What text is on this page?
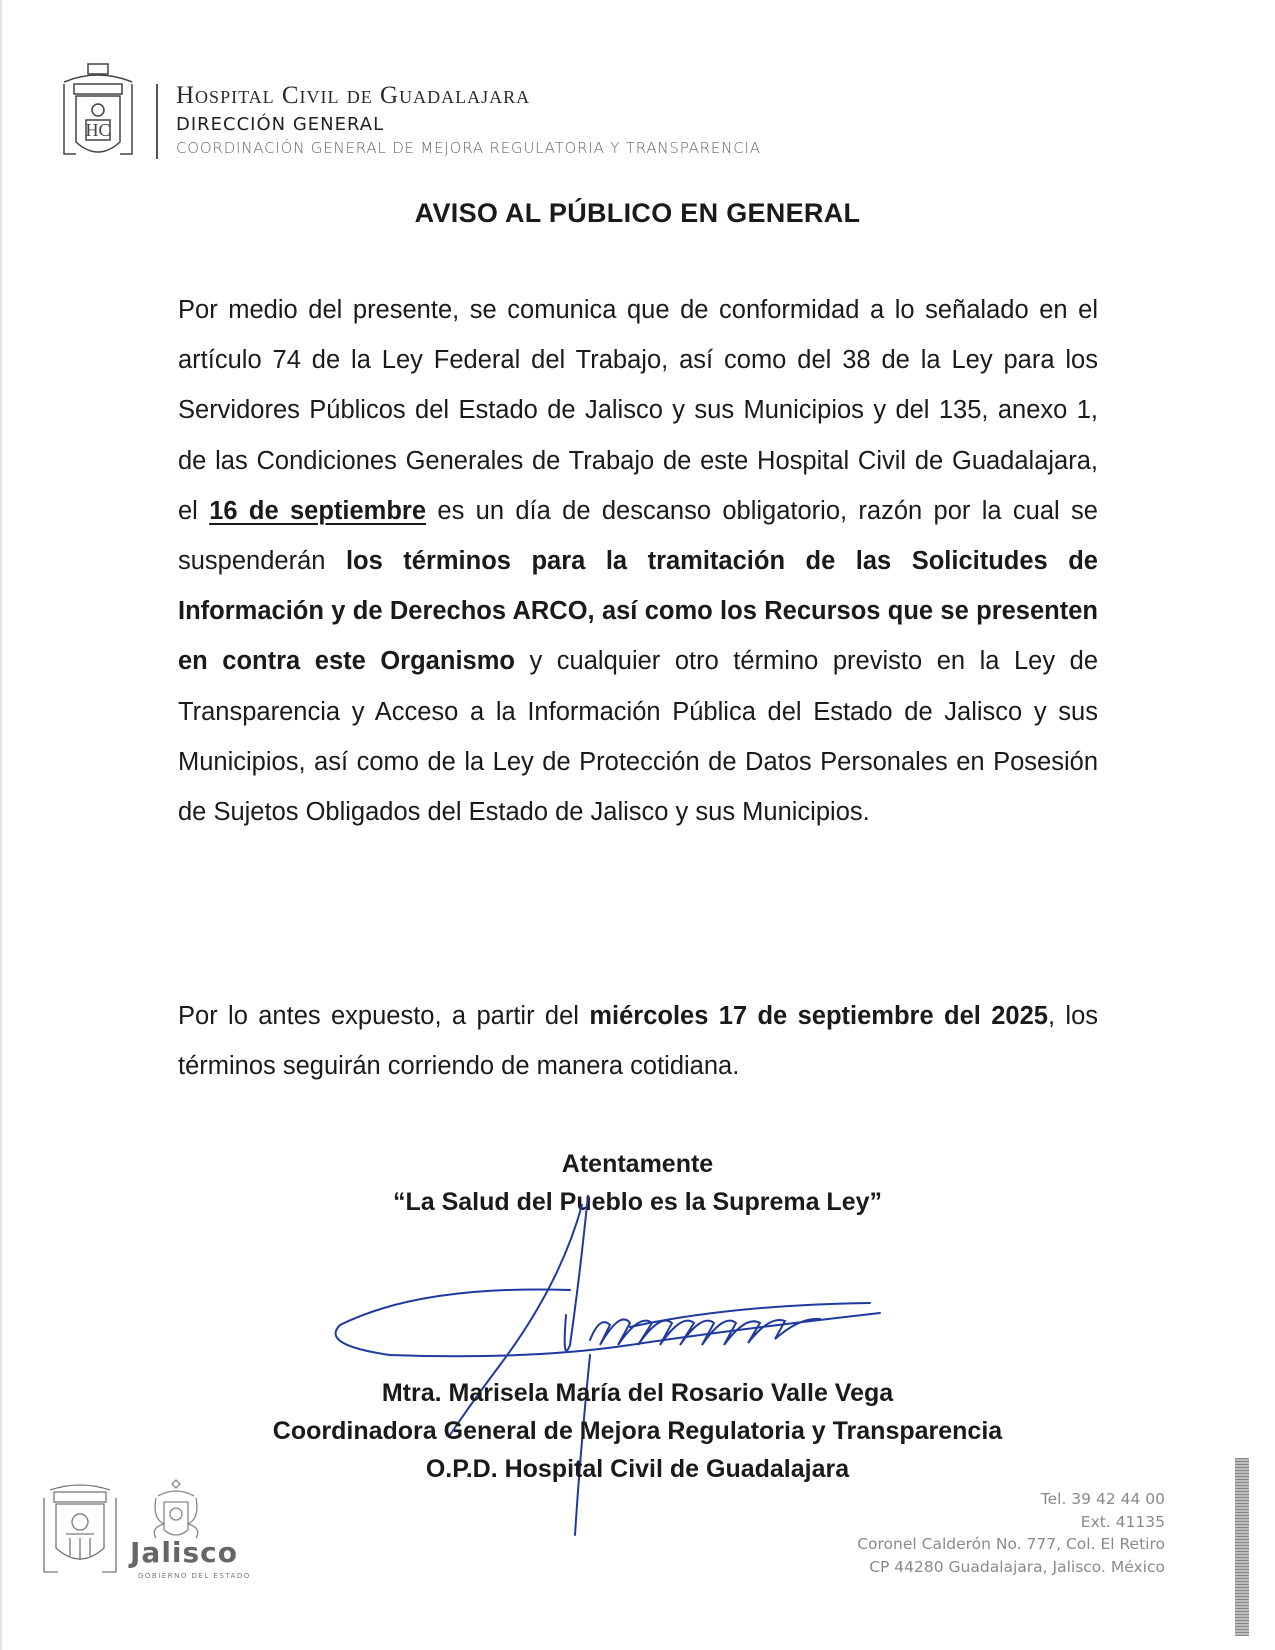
HC
Hospital Civil de Guadalajara
DIRECCIÓN GENERAL
COORDINACIÓN GENERAL DE MEJORA REGULATORIA Y TRANSPARENCIA
AVISO AL PÚBLICO EN GENERAL
Por medio del presente, se comunica que de conformidad a lo señalado en el artículo 74 de la Ley Federal del Trabajo, así como del 38 de la Ley para los Servidores Públicos del Estado de Jalisco y sus Municipios y del 135, anexo 1, de las Condiciones Generales de Trabajo de este Hospital Civil de Guadalajara, el 16 de septiembre es un día de descanso obligatorio, razón por la cual se suspenderán los términos para la tramitación de las Solicitudes de Información y de Derechos ARCO, así como los Recursos que se presenten en contra este Organismo y cualquier otro término previsto en la Ley de Transparencia y Acceso a la Información Pública del Estado de Jalisco y sus Municipios, así como de la Ley de Protección de Datos Personales en Posesión de Sujetos Obligados del Estado de Jalisco y sus Municipios.
Por lo antes expuesto, a partir del miércoles 17 de septiembre del 2025, los términos seguirán corriendo de manera cotidiana.
Atentamente
“La Salud del Pueblo es la Suprema Ley”
Mtra. Marisela María del Rosario Valle Vega
Coordinadora General de Mejora Regulatoria y Transparencia
O.P.D. Hospital Civil de Guadalajara
Jalisco
GOBIERNO DEL ESTADO
Tel. 39 42 44 00
Ext. 41135
Coronel Calderón No. 777, Col. El Retiro
CP 44280 Guadalajara, Jalisco. México
